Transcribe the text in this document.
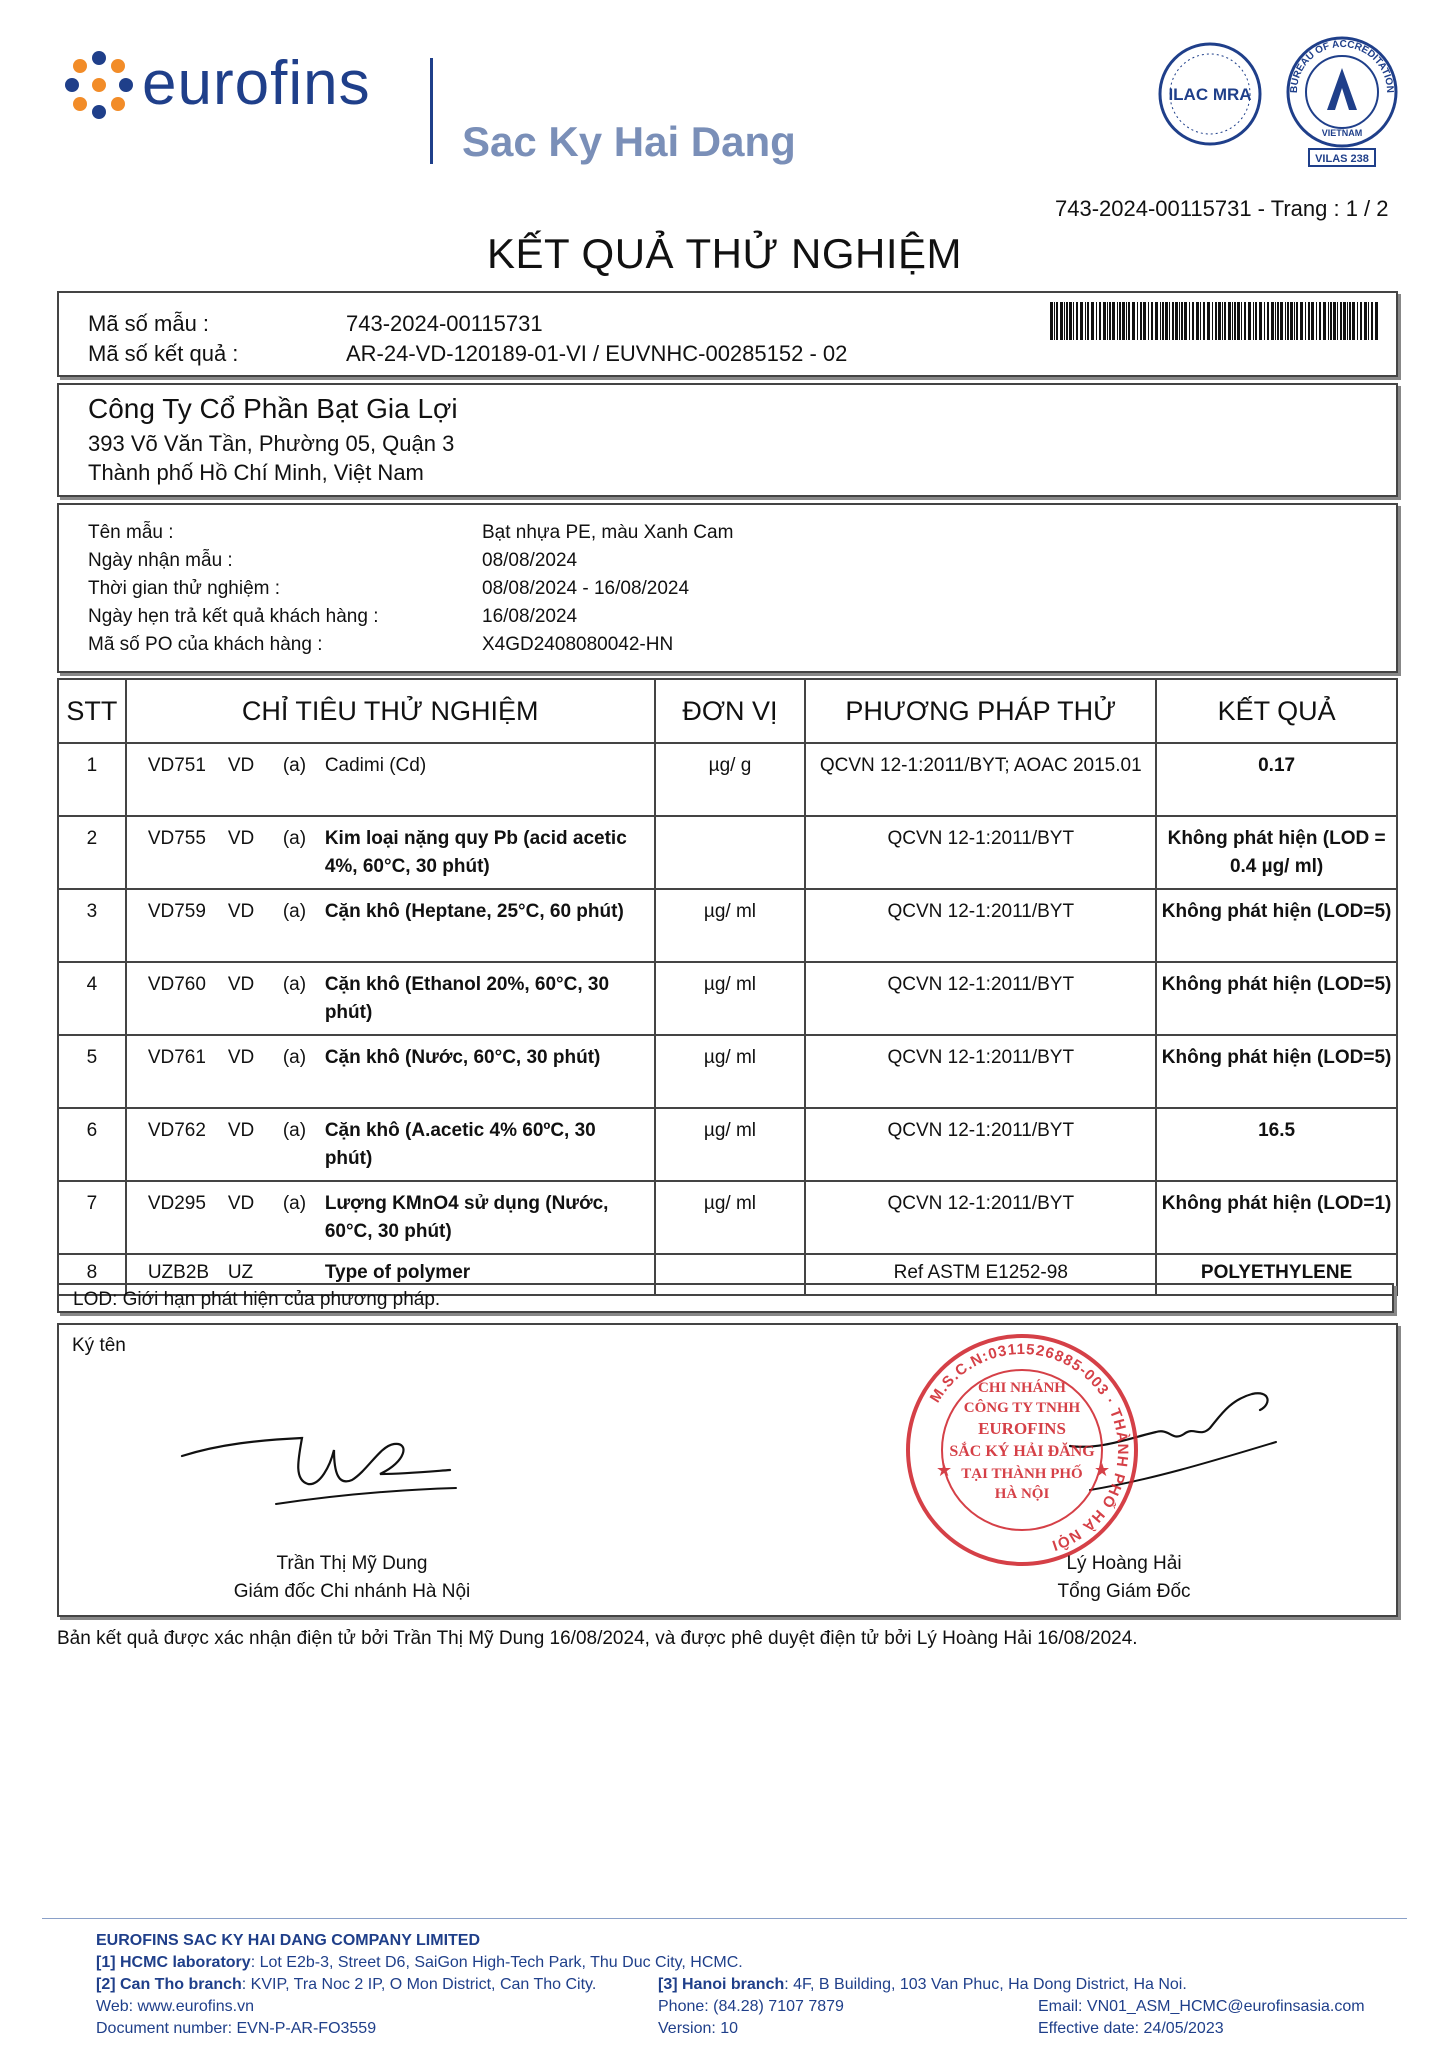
eurofins
Sac Ky Hai Dang
ILAC MRA	BUREAU OF ACCREDITATION
VIETNAM
VILAS 238
743-2024-00115731 - Trang : 1 / 2
KẾT QUẢ THỬ NGHIỆM
Mã số mẫu :	743-2024-00115731
Mã số kết quả :	AR-24-VD-120189-01-VI / EUVNHC-00285152 - 02
Công Ty Cổ Phần Bạt Gia Lợi
393 Võ Văn Tần, Phường 05, Quận 3
Thành phố Hồ Chí Minh, Việt Nam
Tên mẫu :	Bạt nhựa PE, màu Xanh Cam
Ngày nhận mẫu :	08/08/2024
Thời gian thử nghiệm :	08/08/2024 - 16/08/2024
Ngày hẹn trả kết quả khách hàng :	16/08/2024
Mã số PO của khách hàng :	X4GD2408080042-HN
STT	CHỈ TIÊU THỬ NGHIỆM	ĐƠN VỊ	PHƯƠNG PHÁP THỬ	KẾT QUẢ
1	VD751 VD (a) Cadimi (Cd)	µg/ g	QCVN 12-1:2011/BYT; AOAC 2015.01	0.17
2	VD755 VD (a) Kim loại nặng quy Pb (acid acetic 4%, 60°C, 30 phút)		QCVN 12-1:2011/BYT	Không phát hiện (LOD = 0.4 µg/ ml)
3	VD759 VD (a) Cặn khô (Heptane, 25°C, 60 phút)	µg/ ml	QCVN 12-1:2011/BYT	Không phát hiện (LOD=5)
4	VD760 VD (a) Cặn khô (Ethanol 20%, 60°C, 30 phút)	µg/ ml	QCVN 12-1:2011/BYT	Không phát hiện (LOD=5)
5	VD761 VD (a) Cặn khô (Nước, 60°C, 30 phút)	µg/ ml	QCVN 12-1:2011/BYT	Không phát hiện (LOD=5)
6	VD762 VD (a) Cặn khô (A.acetic 4% 60ºC, 30 phút)	µg/ ml	QCVN 12-1:2011/BYT	16.5
7	VD295 VD (a) Lượng KMnO4 sử dụng (Nước, 60°C, 30 phút)	µg/ ml	QCVN 12-1:2011/BYT	Không phát hiện (LOD=1)
8	UZB2B UZ Type of polymer		Ref ASTM E1252-98	POLYETHYLENE
LOD: Giới hạn phát hiện của phương pháp.
Ký tên
M.S.C.N:0311526885-003 · THÀNH PHỐ HÀ NỘI
CHI NHÁNH
CÔNG TY TNHH
EUROFINS
SẮC KÝ HẢI ĐĂNG
TẠI THÀNH PHỐ
HÀ NỘI
★	★
Trần Thị Mỹ Dung
Giám đốc Chi nhánh Hà Nội
Lý Hoàng Hải
Tổng Giám Đốc
Bản kết quả được xác nhận điện tử bởi Trần Thị Mỹ Dung 16/08/2024, và được phê duyệt điện tử bởi Lý Hoàng Hải 16/08/2024.
EUROFINS SAC KY HAI DANG COMPANY LIMITED
[1] HCMC laboratory: Lot E2b-3, Street D6, SaiGon High-Tech Park, Thu Duc City, HCMC.
[2] Can Tho branch: KVIP, Tra Noc 2 IP, O Mon District, Can Tho City.	[3] Hanoi branch: 4F, B Building, 103 Van Phuc, Ha Dong District, Ha Noi.
Web: www.eurofins.vn	Phone: (84.28) 7107 7879	Email: VN01_ASM_HCMC@eurofinsasia.com
Document number: EVN-P-AR-FO3559	Version: 10	Effective date: 24/05/2023
